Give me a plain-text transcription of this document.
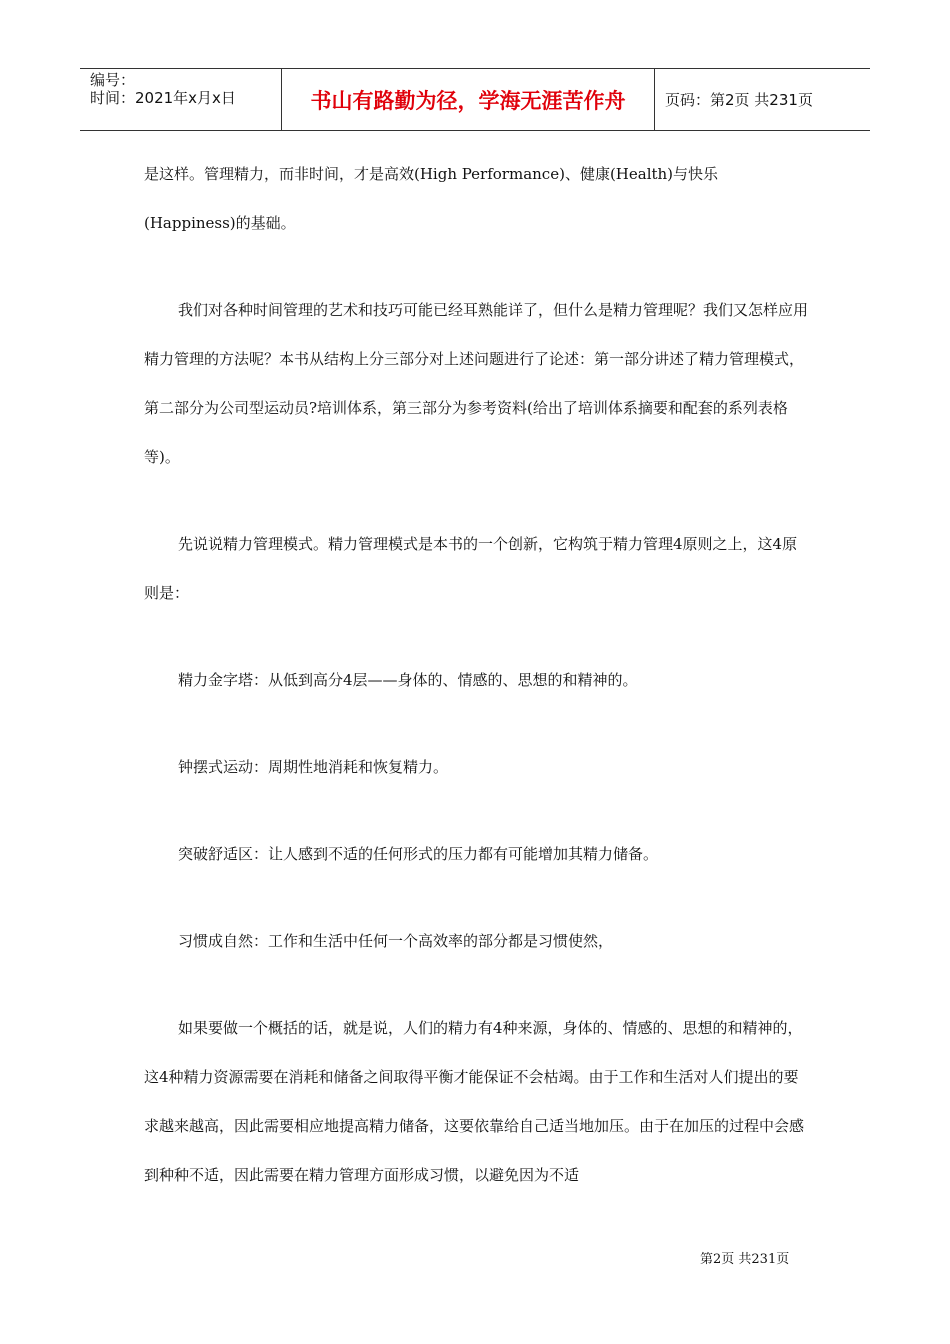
编号：
时间：2021年x月x日	书山有路勤为径，学海无涯苦作舟	页码：第2页 共231页

是这样。管理精力，而非时间，才是高效(High Performance)、健康(Health)与快乐(Happiness)的基础。

我们对各种时间管理的艺术和技巧可能已经耳熟能详了，但什么是精力管理呢？我们又怎样应用精力管理的方法呢？本书从结构上分三部分对上述问题进行了论述：第一部分讲述了精力管理模式，第二部分为公司型运动员?培训体系，第三部分为参考资料(给出了培训体系摘要和配套的系列表格等)。

先说说精力管理模式。精力管理模式是本书的一个创新，它构筑于精力管理4原则之上，这4原则是：

精力金字塔：从低到高分4层——身体的、情感的、思想的和精神的。

钟摆式运动：周期性地消耗和恢复精力。

突破舒适区：让人感到不适的任何形式的压力都有可能增加其精力储备。

习惯成自然：工作和生活中任何一个高效率的部分都是习惯使然，

如果要做一个概括的话，就是说，人们的精力有4种来源，身体的、情感的、思想的和精神的，这4种精力资源需要在消耗和储备之间取得平衡才能保证不会枯竭。由于工作和生活对人们提出的要求越来越高，因此需要相应地提高精力储备，这要依靠给自己适当地加压。由于在加压的过程中会感到种种不适，因此需要在精力管理方面形成习惯，以避免因为不适

第2页 共231页
